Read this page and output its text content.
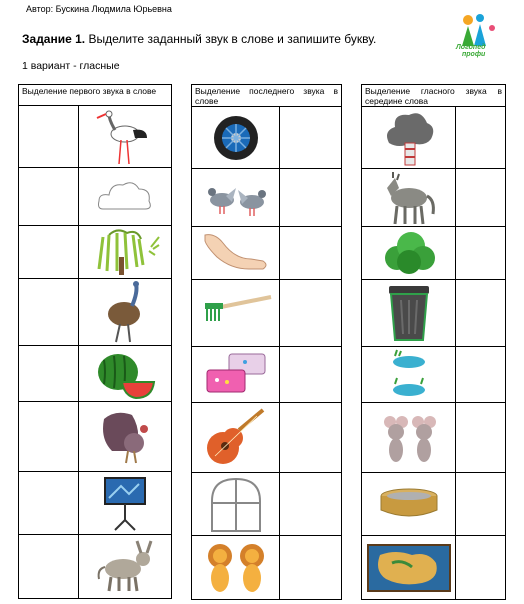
Автор: Бускина Людмила Юрьевна
Логопед
профи
Задание 1. Выделите заданный звук в слове и запишите букву.
1 вариант - гласные
Выделение первого звука в слове	

		Выделение последнего звука в слове	

Выделение гласного звука в середине слова	
